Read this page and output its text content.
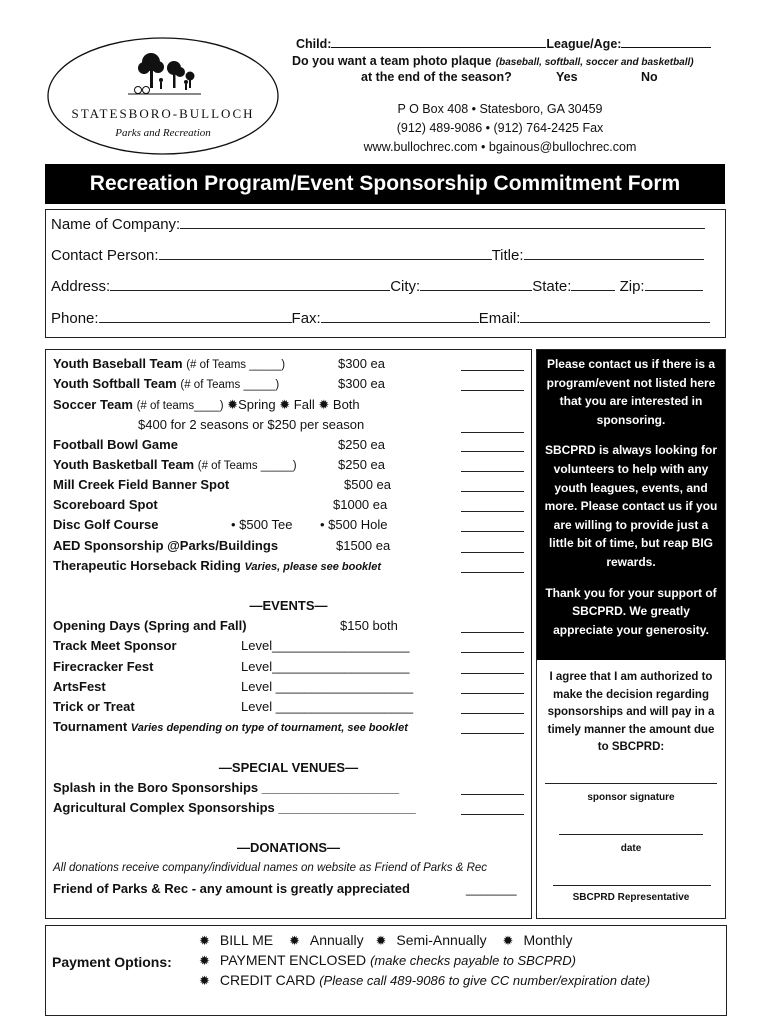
STATESBORO-BULLOCH
Parks and Recreation
Child:	League/Age:
Do you want a team photo plaque (baseball, softball, soccer and basketball)
at the end of the season?	Yes	No
P O Box 408 • Statesboro, GA 30459
(912) 489-9086 • (912) 764-2425 Fax
www.bullochrec.com • bgainous@bullochrec.com
Recreation Program/Event Sponsorship Commitment Form
Name of Company:
Contact Person:	Title:
Address:	City:	State:	Zip:
Phone:	Fax:	Email:
Youth Baseball Team (# of Teams _____)	$300 ea
Youth Softball Team (# of Teams _____)	$300 ea
Soccer Team (# of teams____) ✹Spring ✹ Fall ✹ Both
$400 for 2 seasons or $250 per season
Football Bowl Game	$250 ea
Youth Basketball Team (# of Teams _____)	$250 ea
Mill Creek Field Banner Spot	$500 ea
Scoreboard Spot	$1000 ea
Disc Golf Course	• $500 Tee • $500 Hole
AED Sponsorship @Parks/Buildings	$1500 ea
Therapeutic Horseback Riding Varies, please see booklet
—EVENTS—
Opening Days (Spring and Fall)	$150 both
Track Meet Sponsor	Level___________________
Firecracker Fest	Level___________________
ArtsFest	Level ___________________
Trick or Treat	Level ___________________
Tournament Varies depending on type of tournament, see booklet
—SPECIAL VENUES—
Splash in the Boro Sponsorships ___________________
Agricultural Complex Sponsorships ___________________
—DONATIONS—
All donations receive company/individual names on website as Friend of Parks & Rec
Friend of Parks & Rec - any amount is greatly appreciated	_______
Please contact us if there is a program/event not listed here that you are interested in sponsoring.
SBCPRD is always looking for volunteers to help with any youth leagues, events, and more. Please contact us if you are willing to provide just a little bit of time, but reap BIG rewards.
Thank you for your support of SBCPRD. We greatly appreciate your generosity.
I agree that I am authorized to make the decision regarding sponsorships and will pay in a timely manner the amount due to SBCPRD:
sponsor signature
date
SBCPRD Representative
Payment Options:
✹ BILL ME ✹ Annually ✹ Semi-Annually ✹ Monthly
✹ PAYMENT ENCLOSED (make checks payable to SBCPRD)
✹ CREDIT CARD (Please call 489-9086 to give CC number/expiration date)
